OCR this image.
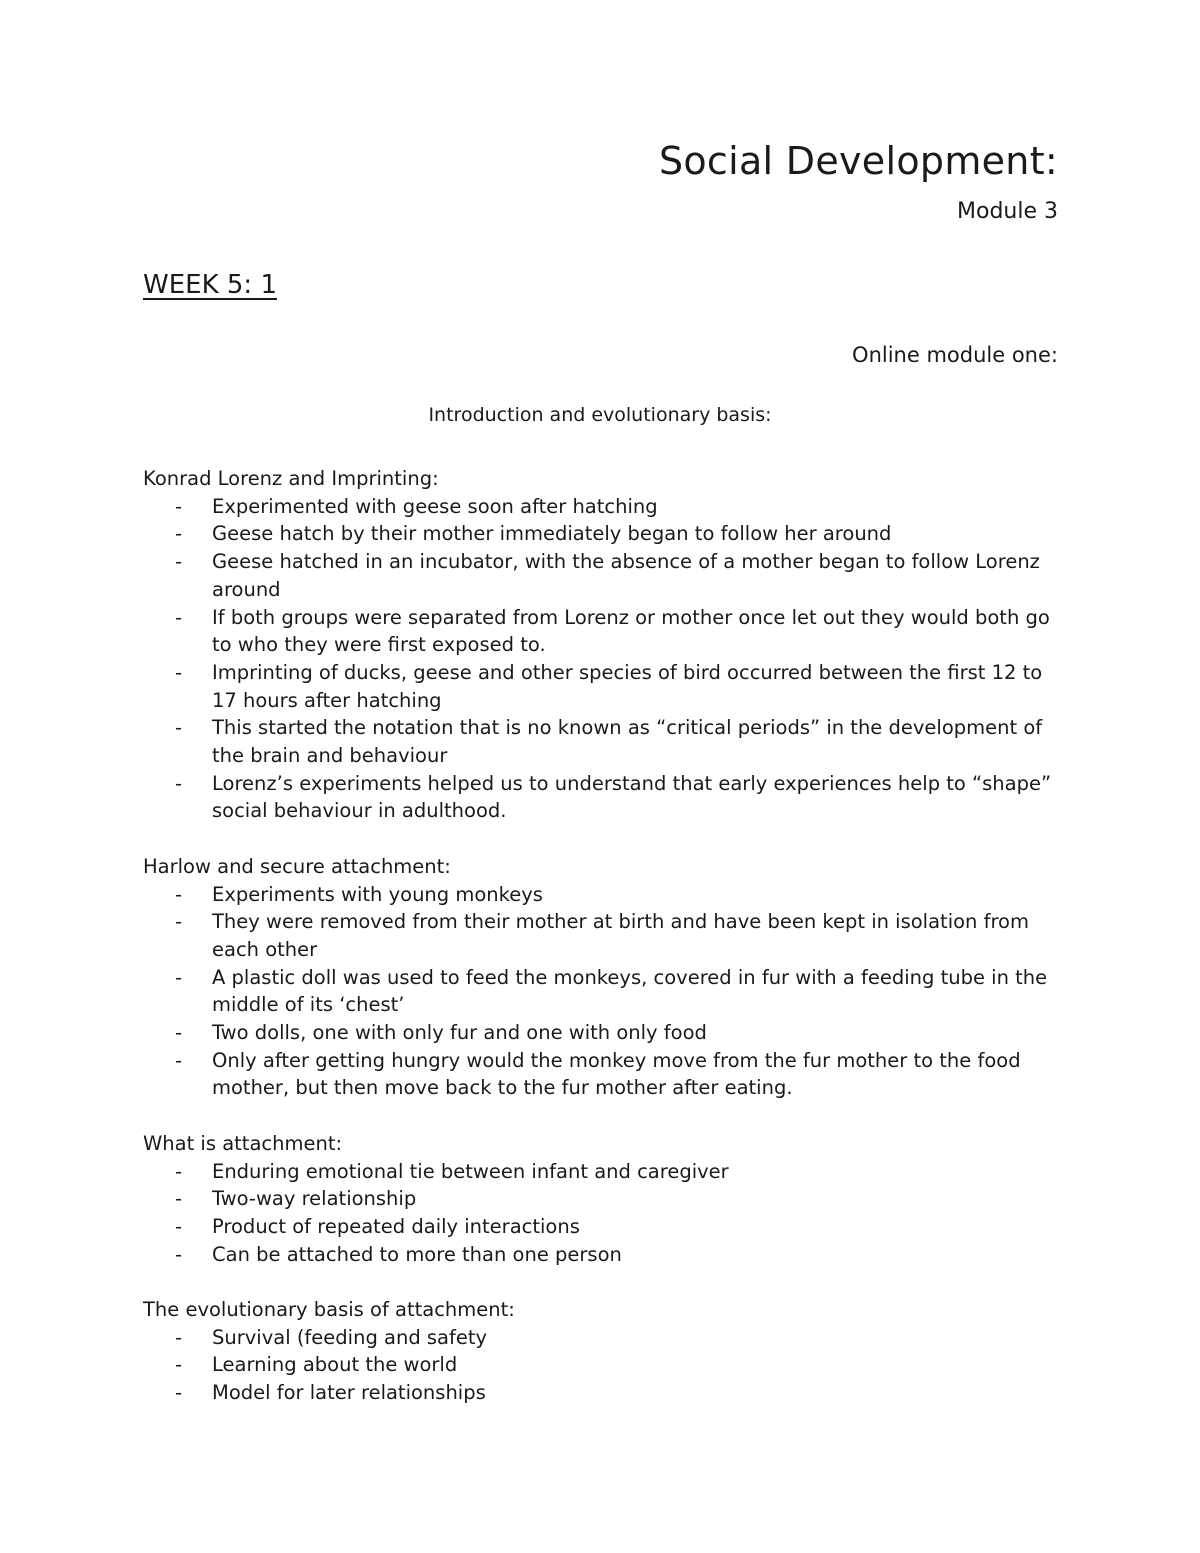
Social Development:

Module 3

WEEK 5: 1

Online module one:

Introduction and evolutionary basis:

Konrad Lorenz and Imprinting:

- Experimented with geese soon after hatching
- Geese hatch by their mother immediately began to follow her around
- Geese hatched in an incubator, with the absence of a mother began to follow Lorenz around
- If both groups were separated from Lorenz or mother once let out they would both go to who they were first exposed to.
- Imprinting of ducks, geese and other species of bird occurred between the first 12 to 17 hours after hatching
- This started the notation that is no known as “critical periods” in the development of the brain and behaviour
- Lorenz’s experiments helped us to understand that early experiences help to “shape” social behaviour in adulthood.

Harlow and secure attachment:

- Experiments with young monkeys
- They were removed from their mother at birth and have been kept in isolation from each other
- A plastic doll was used to feed the monkeys, covered in fur with a feeding tube in the middle of its ‘chest’
- Two dolls, one with only fur and one with only food
- Only after getting hungry would the monkey move from the fur mother to the food mother, but then move back to the fur mother after eating.

What is attachment:

- Enduring emotional tie between infant and caregiver
- Two-way relationship
- Product of repeated daily interactions
- Can be attached to more than one person

The evolutionary basis of attachment:

- Survival (feeding and safety
- Learning about the world
- Model for later relationships
